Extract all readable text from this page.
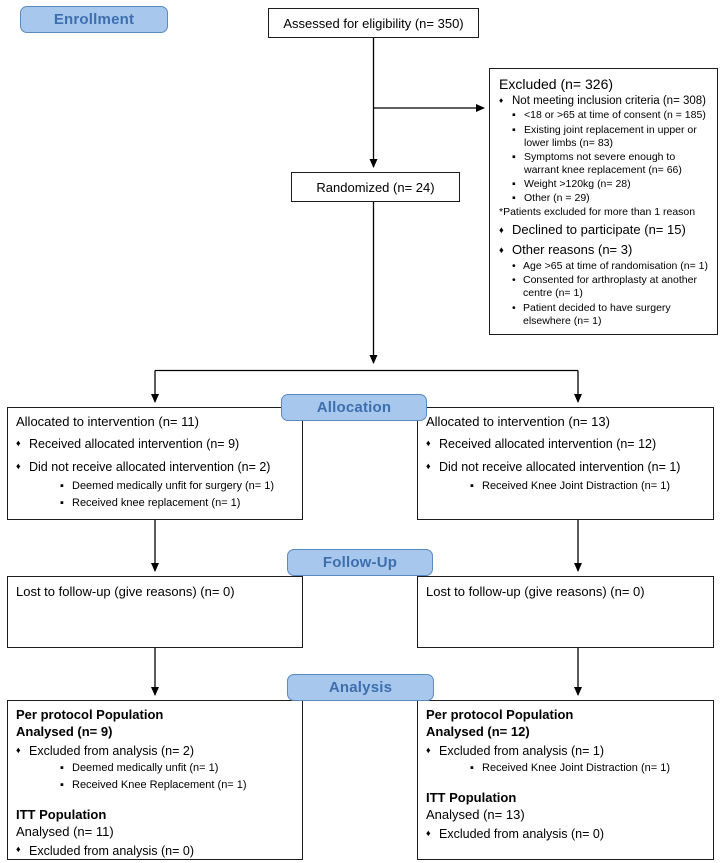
Enrollment
Allocation
Follow-Up
Analysis
Assessed for eligibility (n= 350)
Randomized (n= 24)
Excluded (n= 326)
♦ Not meeting inclusion criteria (n= 308)
▪ <18 or >65 at time of consent (n = 185)
▪ Existing joint replacement in upper or lower limbs (n= 83)
▪ Symptoms not severe enough to warrant knee replacement (n= 66)
▪ Weight >120kg (n= 28)
▪ Other (n = 29)
*Patients excluded for more than 1 reason
♦ Declined to participate (n= 15)
♦ Other reasons (n= 3)
• Age >65 at time of randomisation (n= 1)
• Consented for arthroplasty at another centre (n= 1)
• Patient decided to have surgery elsewhere (n= 1)
Allocated to intervention (n= 11)
♦ Received allocated intervention (n= 9)
♦ Did not receive allocated intervention (n= 2)
▪ Deemed medically unfit for surgery (n= 1)
▪ Received knee replacement (n= 1)
Allocated to intervention (n= 13)
♦ Received allocated intervention (n= 12)
♦ Did not receive allocated intervention (n= 1)
▪ Received Knee Joint Distraction (n= 1)
Lost to follow-up (give reasons) (n= 0)	Lost to follow-up (give reasons) (n= 0)
Per protocol Population
Analysed (n= 9)
♦ Excluded from analysis (n= 2)
▪ Deemed medically unfit (n= 1)
▪ Received Knee Replacement (n= 1)
ITT Population
Analysed (n= 11)
♦ Excluded from analysis (n= 0)
Per protocol Population
Analysed (n= 12)
♦ Excluded from analysis (n= 1)
▪ Received Knee Joint Distraction (n= 1)
ITT Population
Analysed (n= 13)
♦ Excluded from analysis (n= 0)
